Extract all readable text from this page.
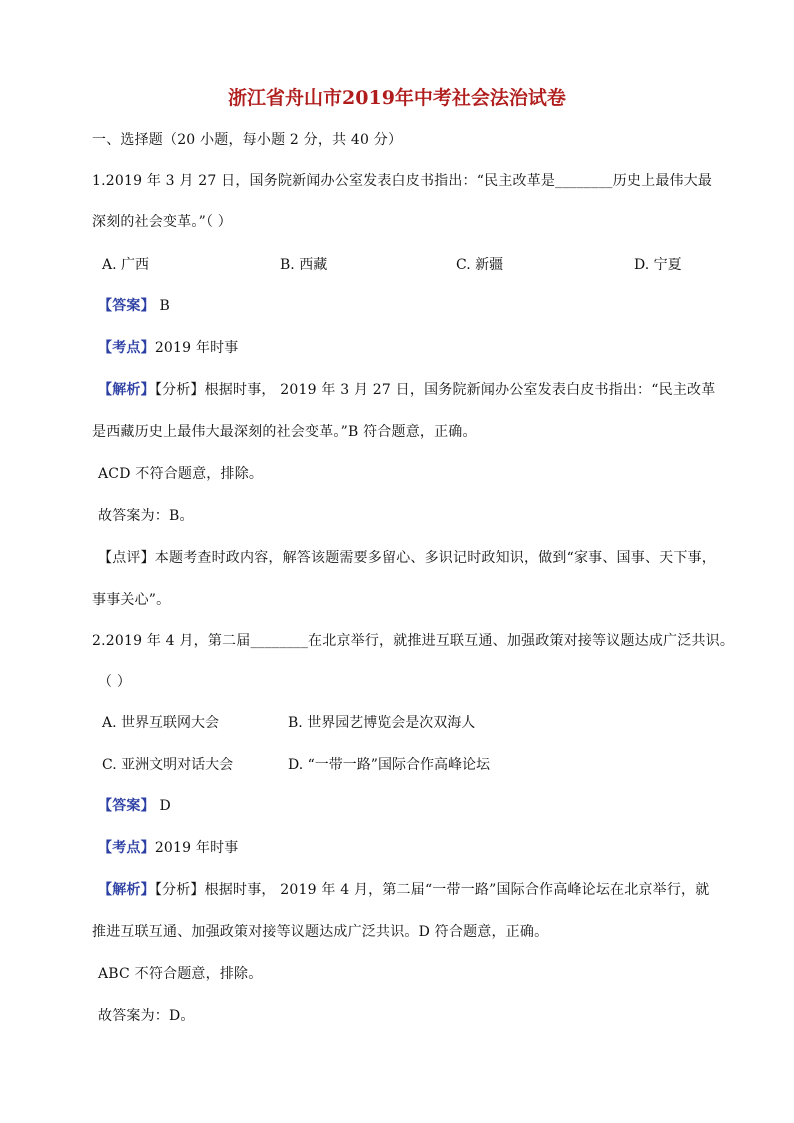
浙江省舟山市2019年中考社会法治试卷
一、选择题（20 小题，每小题 2 分，共 40 分）
1.2019 年 3 月 27 日，国务院新闻办公室发表白皮书指出：“民主改革是________历史上最伟大最
深刻的社会变革。”（ ）
A. 广西	B. 西藏	C. 新疆	D. 宁夏
【答案】 B
【考点】2019 年时事
【解析】【分析】根据时事， 2019 年 3 月 27 日，国务院新闻办公室发表白皮书指出：“民主改革
是西藏历史上最伟大最深刻的社会变革。”B 符合题意，正确。
ACD 不符合题意，排除。
故答案为：B。
【点评】本题考查时政内容，解答该题需要多留心、多识记时政知识，做到“家事、国事、天下事，
事事关心”。
2.2019 年 4 月，第二届________在北京举行，就推进互联互通、加强政策对接等议题达成广泛共识。
（ ）
A. 世界互联网大会	B. 世界园艺博览会是次双海人
C. 亚洲文明对话大会	D. “一带一路”国际合作高峰论坛
【答案】 D
【考点】2019 年时事
【解析】【分析】根据时事， 2019 年 4 月，第二届“一带一路”国际合作高峰论坛在北京举行，就
推进互联互通、加强政策对接等议题达成广泛共识。D 符合题意，正确。
ABC 不符合题意，排除。
故答案为：D。
